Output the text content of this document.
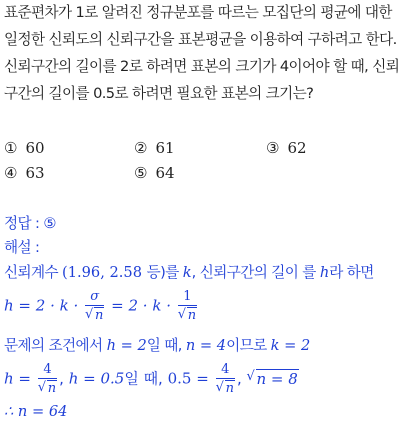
표준편차가 1로 알려진 정규분포를 따르는 모집단의 평균에 대한
일정한 신뢰도의 신뢰구간을 표본평균을 이용하여 구하려고 한다.
신뢰구간의 길이를 2로 하려면 표본의 크기가 4이어야 할 때, 신뢰
구간의 길이를 0.5로 하려면 필요한 표본의 크기는?
① 60	② 61	③ 62
④ 63	⑤ 64
정답 : ⑤
해설 :
신뢰계수 (1.96, 2.58 등)를 k, 신뢰구간의 길이 를 h라 하면
$h = 2 \cdot k \cdot \frac{\sigma}{√ n} = 2 \cdot k \cdot \frac{1}{√ n}$
문제의 조건에서 h = 2일 때, n = 4이므로 k = 2
$h = \frac{4}{√ n}$ , h = 0.5일 때, $0.5 = \frac{4}{√ n}$ , √ n = 8
∴ n = 64
